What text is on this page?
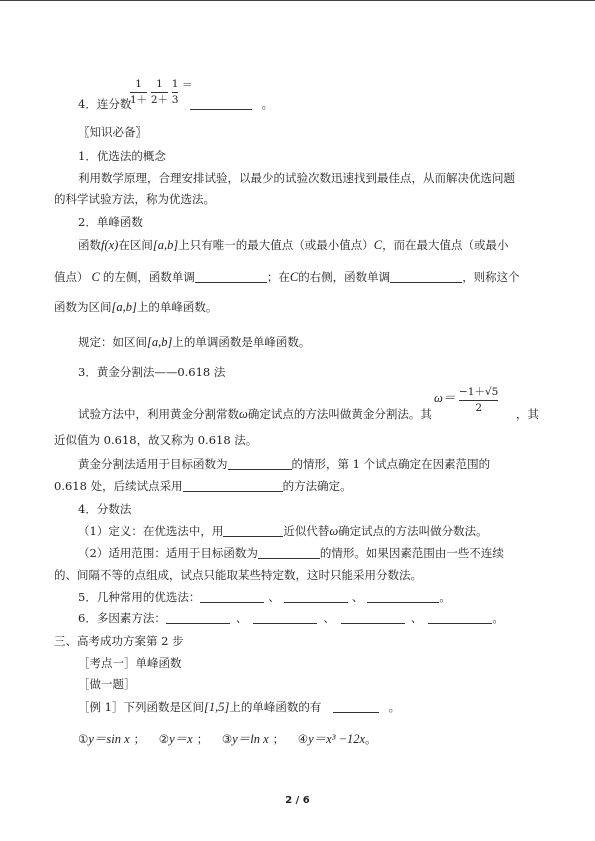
4．连分数
$\frac{1}{1+}$
$\frac{1}{2+}$
$\frac{1}{3}$ ＝
。
〖知识必备〗
1．优选法的概念
利用数学原理，合理安排试验，以最少的试验次数迅速找到最佳点，从而解决优选问题
的科学试验方法，称为优选法。
2．单峰函数
函数f(x)在区间[a,b]上只有唯一的最大值点（或最小值点）C，而在最大值点（或最小
值点） C 的左侧，函数单调	；在C的右侧，函数单调	，则称这个
函数为区间[a,b]上的单峰函数。
规定：如区间[a,b]上的单调函数是单峰函数。
3．黄金分割法——0.618 法
试验方法中，利用黄金分割常数ω确定试点的方法叫做黄金分割法。其
$\omega= \frac{-1+√5}{2}$ ，其
近似值为 0.618，故又称为 0.618 法。
黄金分割法适用于目标函数为	的情形，第 1 个试点确定在因素范围的
0.618 处，后续试点采用	的方法确定。
4．分数法
（1）定义：在优选法中，用	近似代替ω确定试点的方法叫做分数法。
（2）适用范围：适用于目标函数为	的情形。如果因素范围由一些不连续
的、间隔不等的点组成，试点只能取某些特定数，这时只能采用分数法。
5．几种常用的优选法：	、	、	。
6．多因素方法：	、	、	、	。
三、高考成功方案第 2 步
［考点一］单峰函数
［做一题］
［例 1］下列函数是区间[1,5]上的单峰函数的有	。
①y＝sin x ； ②y＝x ； ③y＝ln x ； ④y＝x³ −12x。
2 / 6
